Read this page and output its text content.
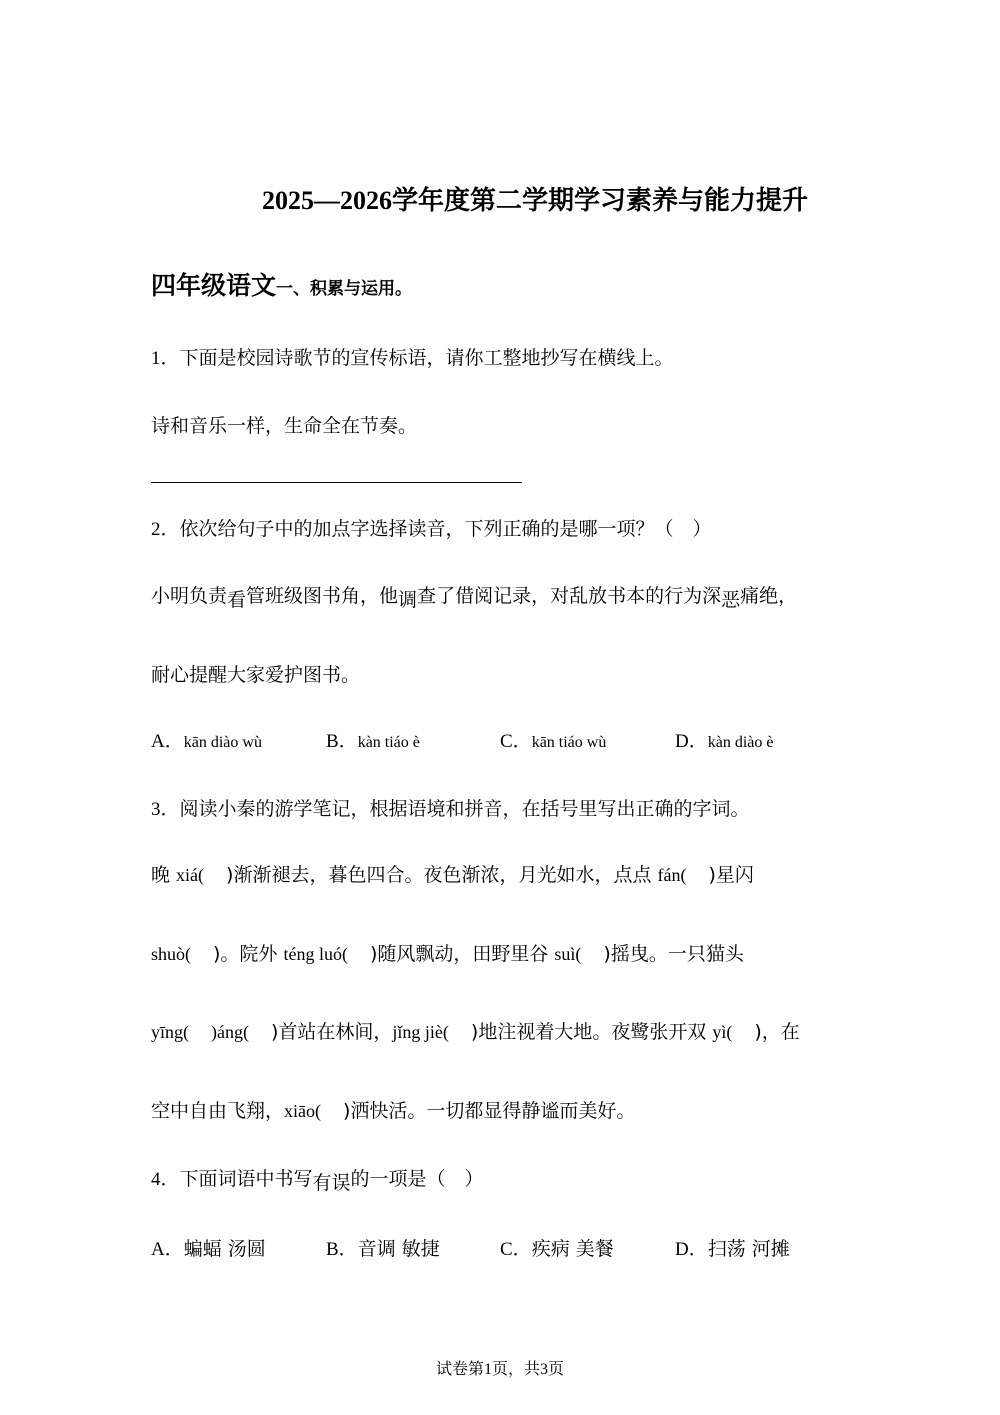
2025—2026学年度第二学期学习素养与能力提升
四年级语文一、积累与运用。
1．下面是校园诗歌节的宣传标语，请你工整地抄写在横线上。
诗和音乐一样，生命全在节奏。
2．依次给句子中的加点字选择读音，下列正确的是哪一项？（　）
小明负责看管班级图书角，他调查了借阅记录，对乱放书本的行为深恶痛绝，
耐心提醒大家爱护图书。
A．kān diào wù	B．kàn tiáo è	C．kān tiáo wù	D．kàn diào è
3．阅读小秦的游学笔记，根据语境和拼音，在括号里写出正确的字词。
晚 xiá( )渐渐褪去，暮色四合。夜色渐浓，月光如水，点点 fán( )星闪
shuò( )。院外 téng luó( )随风飘动，田野里谷 suì( )摇曳。一只猫头
yīng( )áng( )首站在林间，jǐng jiè( )地注视着大地。夜鹭张开双 yì( )，在
空中自由飞翔，xiāo( )洒快活。一切都显得静谧而美好。
4．下面词语中书写有误的一项是（　）
A．蝙蝠 汤圆	B．音调 敏捷	C．疾病 美餐	D．扫荡 河摊
试卷第1页，共3页
